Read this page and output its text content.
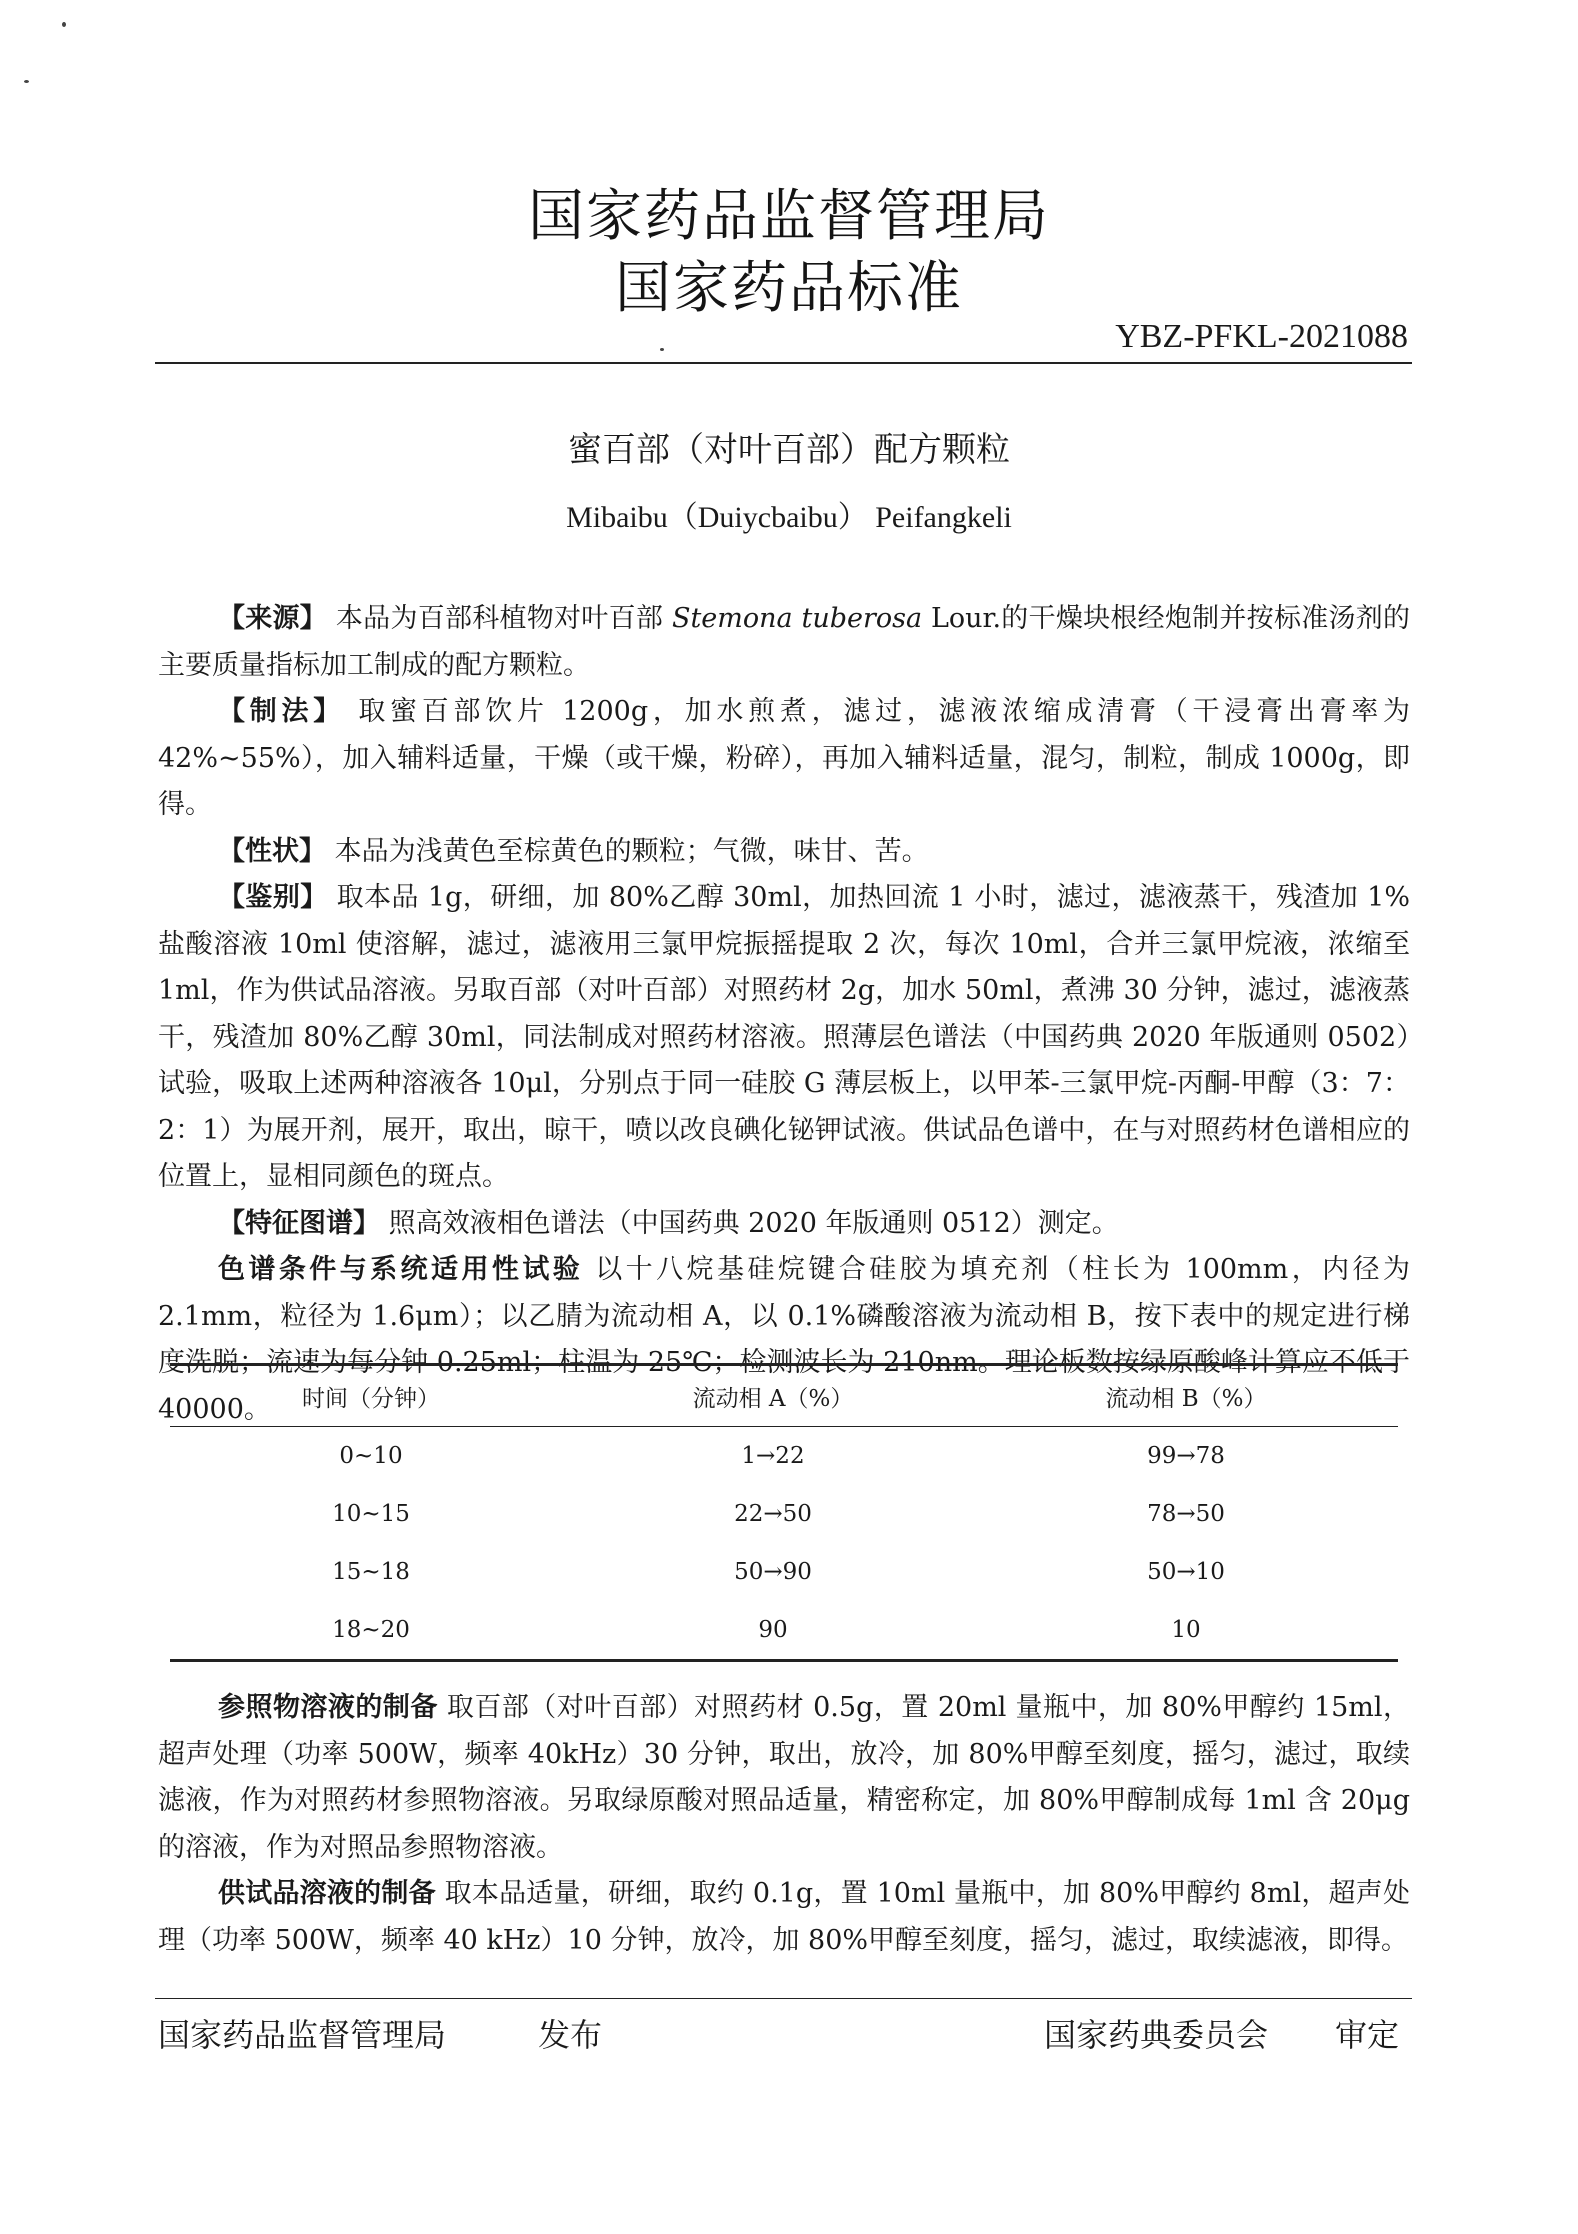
国家药品监督管理局
国家药品标准
YBZ-PFKL-2021088
蜜百部（对叶百部）配方颗粒
Mibaibu（Duiycbaibu） Peifangkeli

【来源】 本品为百部科植物对叶百部 Stemona tuberosa Lour.的干燥块根经炮制并按标准汤剂的主要质量指标加工制成的配方颗粒。

【制法】 取蜜百部饮片 1200g，加水煎煮，滤过，滤液浓缩成清膏（干浸膏出膏率为 42%~55%），加入辅料适量，干燥（或干燥，粉碎），再加入辅料适量，混匀，制粒，制成 1000g，即得。

【性状】 本品为浅黄色至棕黄色的颗粒；气微，味甘、苦。

【鉴别】 取本品 1g，研细，加 80%乙醇 30ml，加热回流 1 小时，滤过，滤液蒸干，残渣加 1%盐酸溶液 10ml 使溶解，滤过，滤液用三氯甲烷振摇提取 2 次，每次 10ml，合并三氯甲烷液，浓缩至 1ml，作为供试品溶液。另取百部（对叶百部）对照药材 2g，加水 50ml，煮沸 30 分钟，滤过，滤液蒸干，残渣加 80%乙醇 30ml，同法制成对照药材溶液。照薄层色谱法（中国药典 2020 年版通则 0502）试验，吸取上述两种溶液各 10μl，分别点于同一硅胶 G 薄层板上，以甲苯-三氯甲烷-丙酮-甲醇（3：7：2：1）为展开剂，展开，取出，晾干，喷以改良碘化铋钾试液。供试品色谱中，在与对照药材色谱相应的位置上，显相同颜色的斑点。

【特征图谱】 照高效液相色谱法（中国药典 2020 年版通则 0512）测定。

色谱条件与系统适用性试验 以十八烷基硅烷键合硅胶为填充剂（柱长为 100mm，内径为 2.1mm，粒径为 1.6μm）；以乙腈为流动相 A，以 0.1%磷酸溶液为流动相 B，按下表中的规定进行梯度洗脱；流速为每分钟 0.25ml；柱温为 25℃；检测波长为 210nm。理论板数按绿原酸峰计算应不低于 40000。	时间（分钟）	流动相 A（%）	流动相 B（%）
0~10	1→22	99→78
10~15	22→50	78→50
15~18	50→90	50→10
18~20	90	10

参照物溶液的制备 取百部（对叶百部）对照药材 0.5g，置 20ml 量瓶中，加 80%甲醇约 15ml，超声处理（功率 500W，频率 40kHz）30 分钟，取出，放冷，加 80%甲醇至刻度，摇匀，滤过，取续滤液，作为对照药材参照物溶液。另取绿原酸对照品适量，精密称定，加 80%甲醇制成每 1ml 含 20μg 的溶液，作为对照品参照物溶液。

供试品溶液的制备 取本品适量，研细，取约 0.1g，置 10ml 量瓶中，加 80%甲醇约 8ml，超声处理（功率 500W，频率 40 kHz）10 分钟，放冷，加 80%甲醇至刻度，摇匀，滤过，取续滤液，即得。

国家药品监督管理局	发布	国家药典委员会 审定
